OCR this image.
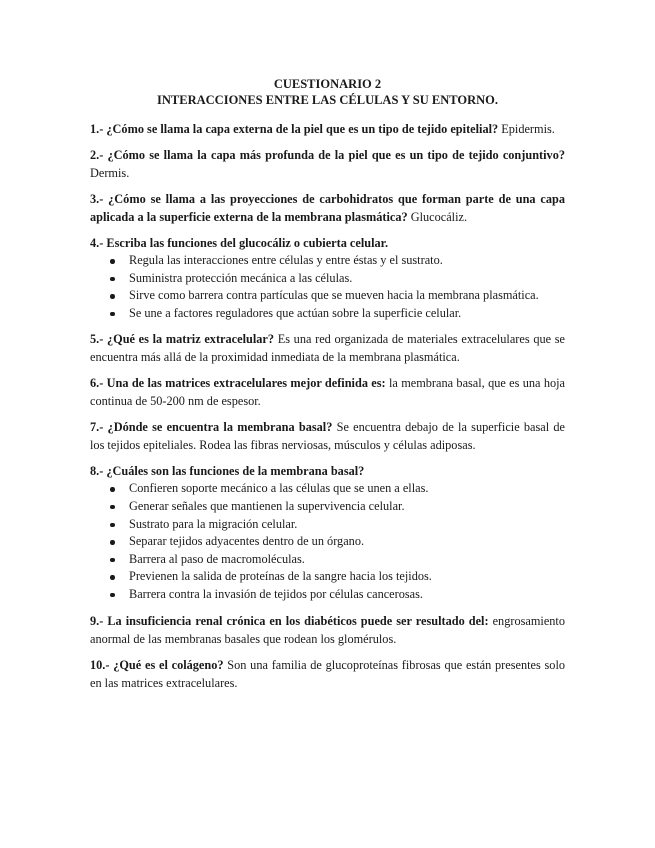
CUESTIONARIO 2
INTERACCIONES ENTRE LAS CÉLULAS Y SU ENTORNO.
1.- ¿Cómo se llama la capa externa de la piel que es un tipo de tejido epitelial? Epidermis.
2.- ¿Cómo se llama la capa más profunda de la piel que es un tipo de tejido conjuntivo? Dermis.
3.- ¿Cómo se llama a las proyecciones de carbohidratos que forman parte de una capa aplicada a la superficie externa de la membrana plasmática? Glucocáliz.
4.- Escriba las funciones del glucocáliz o cubierta celular.
Regula las interacciones entre células y entre éstas y el sustrato.
Suministra protección mecánica a las células.
Sirve como barrera contra partículas que se mueven hacia la membrana plasmática.
Se une a factores reguladores que actúan sobre la superficie celular.
5.- ¿Qué es la matriz extracelular? Es una red organizada de materiales extracelulares que se encuentra más allá de la proximidad inmediata de la membrana plasmática.
6.- Una de las matrices extracelulares mejor definida es: la membrana basal, que es una hoja continua de 50-200 nm de espesor.
7.- ¿Dónde se encuentra la membrana basal? Se encuentra debajo de la superficie basal de los tejidos epiteliales. Rodea las fibras nerviosas, músculos y células adiposas.
8.- ¿Cuáles son las funciones de la membrana basal?
Confieren soporte mecánico a las células que se unen a ellas.
Generar señales que mantienen la supervivencia celular.
Sustrato para la migración celular.
Separar tejidos adyacentes dentro de un órgano.
Barrera al paso de macromoléculas.
Previenen la salida de proteínas de la sangre hacia los tejidos.
Barrera contra la invasión de tejidos por células cancerosas.
9.- La insuficiencia renal crónica en los diabéticos puede ser resultado del: engrosamiento anormal de las membranas basales que rodean los glomérulos.
10.- ¿Qué es el colágeno? Son una familia de glucoproteínas fibrosas que están presentes solo en las matrices extracelulares.
